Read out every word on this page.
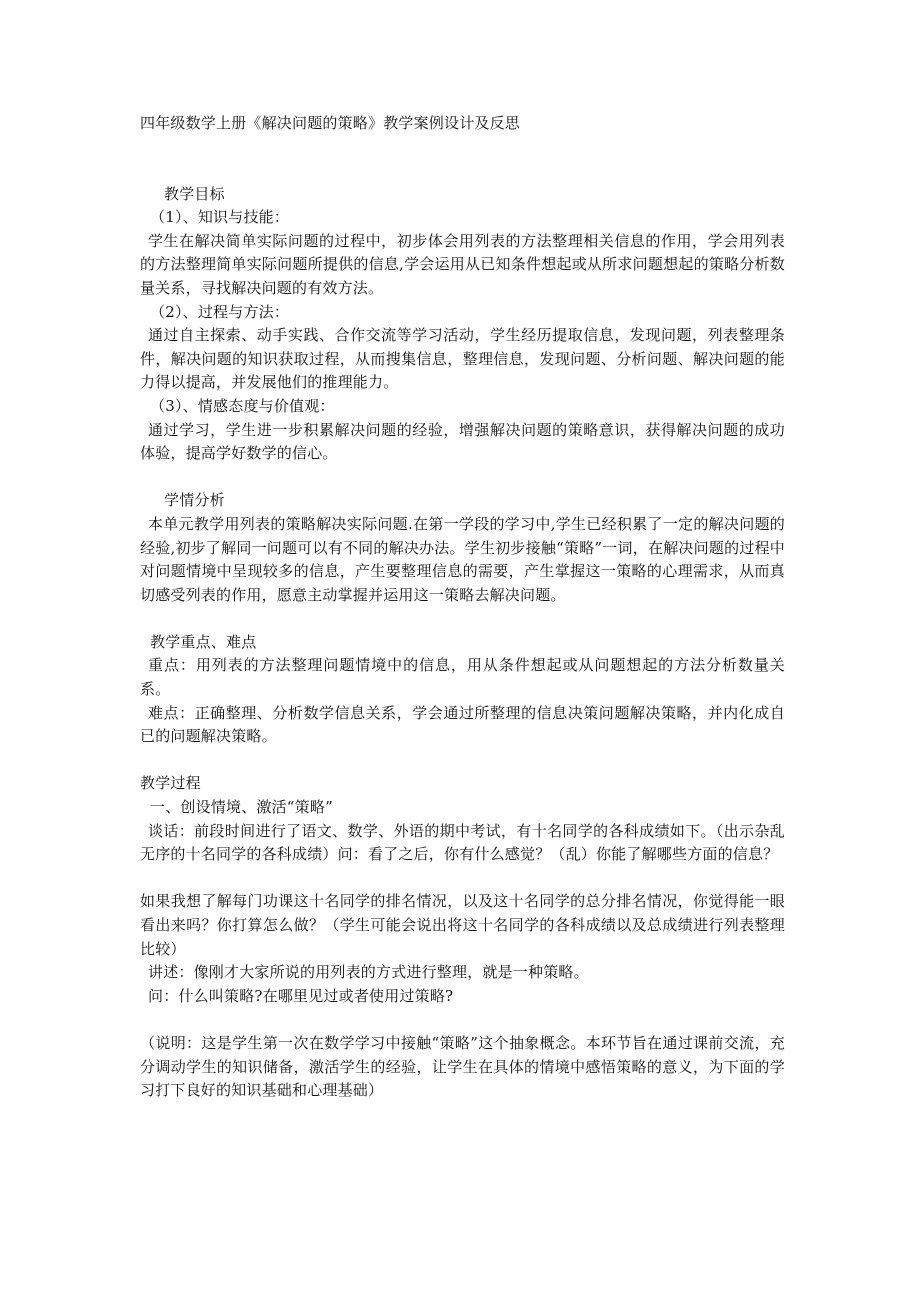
四年级数学上册《解决问题的策略》教学案例设计及反思
教学目标
（1）、知识与技能：
学生在解决简单实际问题的过程中，初步体会用列表的方法整理相关信息的作用，学会用列表的方法整理简单实际问题所提供的信息,学会运用从已知条件想起或从所求问题想起的策略分析数量关系，寻找解决问题的有效方法。
（2）、过程与方法：
通过自主探索、动手实践、合作交流等学习活动，学生经历提取信息，发现问题，列表整理条件，解决问题的知识获取过程，从而搜集信息，整理信息，发现问题、分析问题、解决问题的能力得以提高，并发展他们的推理能力。
（3）、情感态度与价值观：
通过学习，学生进一步积累解决问题的经验，增强解决问题的策略意识，获得解决问题的成功体验，提高学好数学的信心。
学情分析
本单元教学用列表的策略解决实际问题.在第一学段的学习中,学生已经积累了一定的解决问题的经验,初步了解同一问题可以有不同的解决办法。学生初步接触“策略”一词，在解决问题的过程中对问题情境中呈现较多的信息，产生要整理信息的需要，产生掌握这一策略的心理需求，从而真切感受列表的作用，愿意主动掌握并运用这一策略去解决问题。
教学重点、难点
重点：用列表的方法整理问题情境中的信息，用从条件想起或从问题想起的方法分析数量关系。
难点：正确整理、分析数学信息关系，学会通过所整理的信息决策问题解决策略，并内化成自已的问题解决策略。
教学过程
一、创设情境、激活“策略”
谈话：前段时间进行了语文、数学、外语的期中考试，有十名同学的各科成绩如下。（出示杂乱无序的十名同学的各科成绩）问：看了之后，你有什么感觉？（乱）你能了解哪些方面的信息？
如果我想了解每门功课这十名同学的排名情况，以及这十名同学的总分排名情况，你觉得能一眼看出来吗？你打算怎么做？（学生可能会说出将这十名同学的各科成绩以及总成绩进行列表整理比较）
讲述：像刚才大家所说的用列表的方式进行整理，就是一种策略。
问：什么叫策略?在哪里见过或者使用过策略?
（说明：这是学生第一次在数学学习中接触“策略”这个抽象概念。本环节旨在通过课前交流，充分调动学生的知识储备，激活学生的经验，让学生在具体的情境中感悟策略的意义，为下面的学习打下良好的知识基础和心理基础）
